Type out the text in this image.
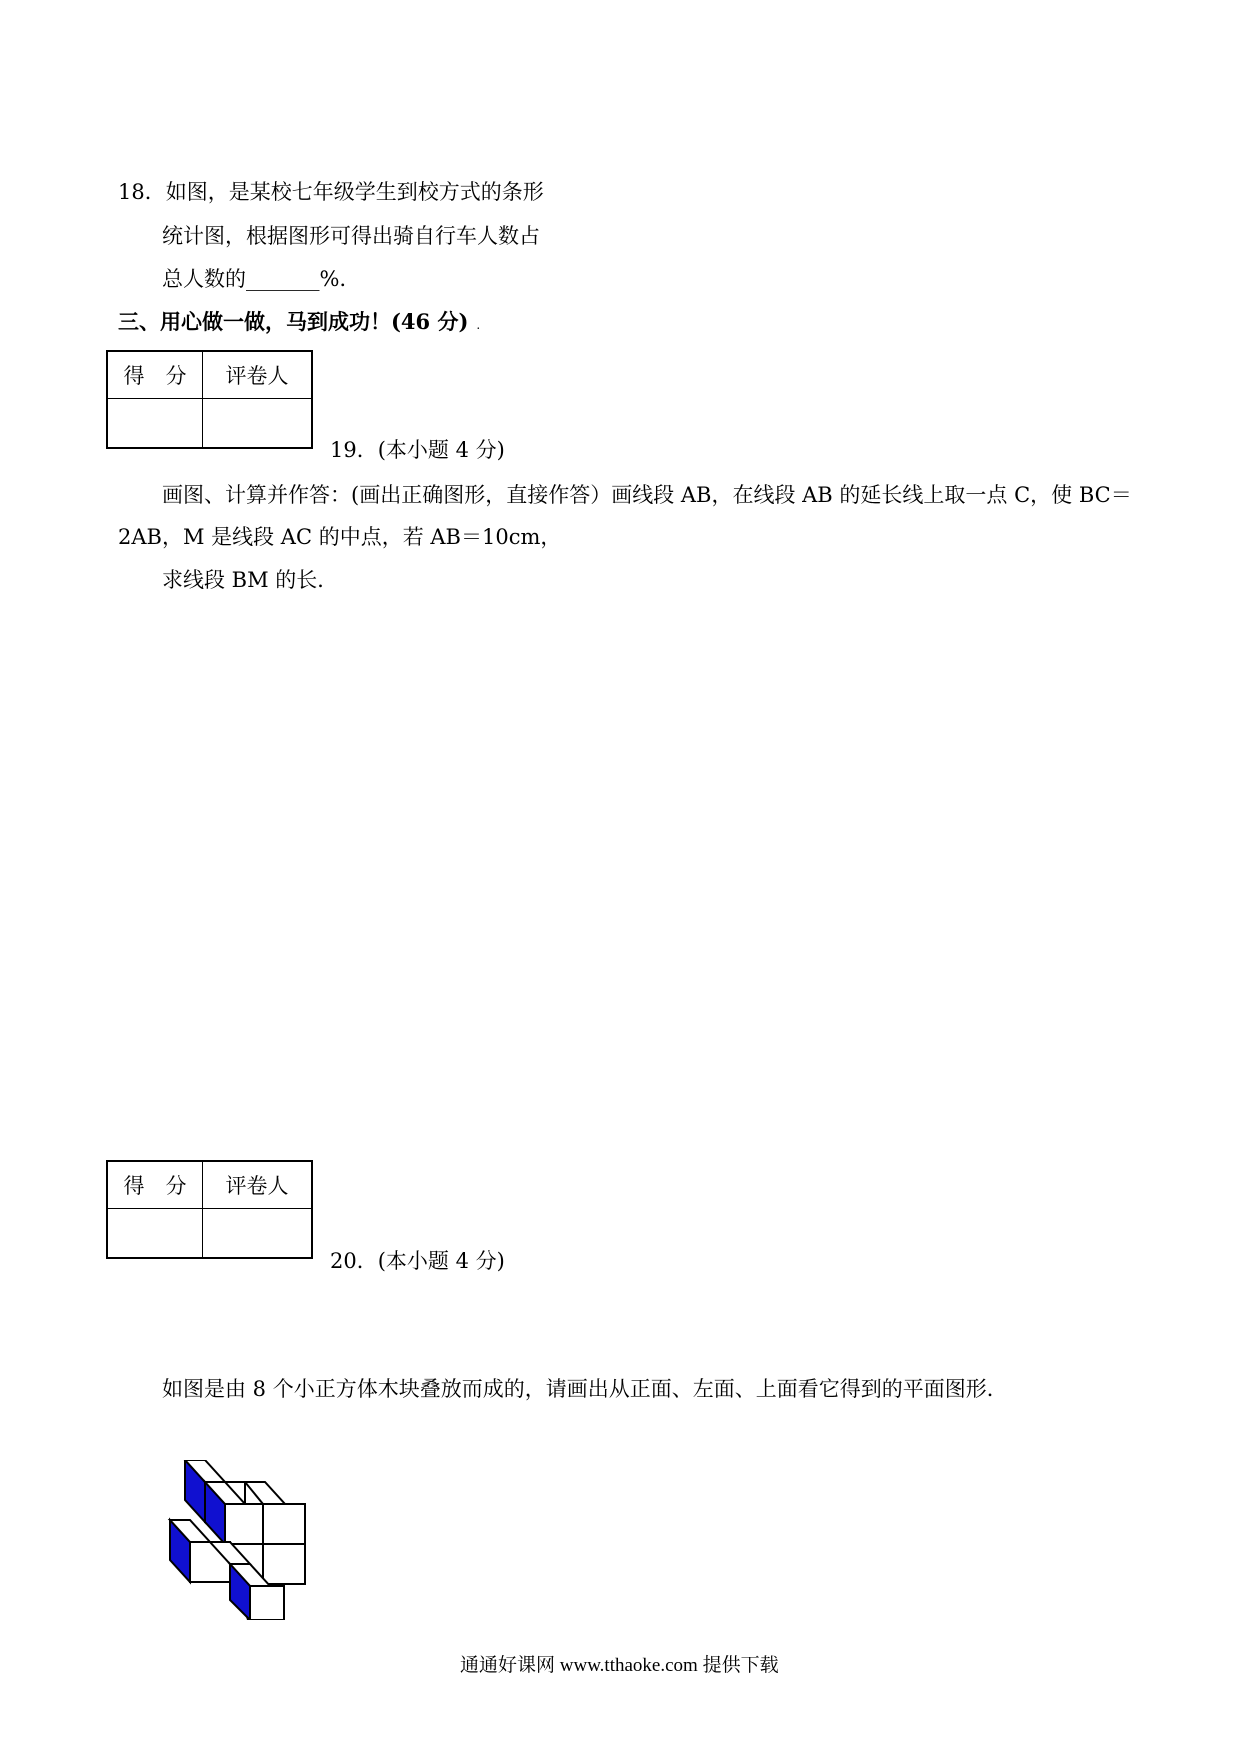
18．如图，是某校七年级学生到校方式的条形
统计图，根据图形可得出骑自行车人数占
总人数的_______%．
三、用心做一做，马到成功！(46 分) .
得　分	评卷人

19．(本小题 4 分)
画图、计算并作答：(画出正确图形，直接作答）画线段 AB，在线段 AB 的延长线上取一点 C，使 BC＝
2AB，M 是线段 AC 的中点，若 AB＝10cm，
求线段 BM 的长．
得　分	评卷人

20．(本小题 4 分)
如图是由 8 个小正方体木块叠放而成的，请画出从正面、左面、上面看它得到的平面图形．
通通好课网 www.tthaoke.com 提供下载
